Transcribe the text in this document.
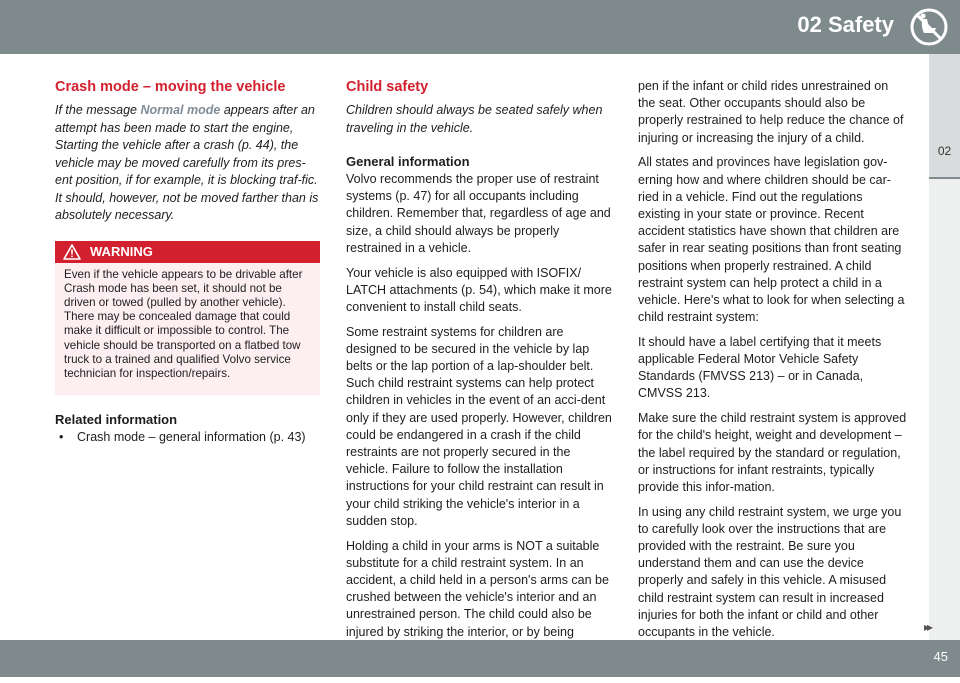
02 Safety
02
Crash mode – moving the vehicle

If the message Normal mode appears after an attempt has been made to start the engine, Starting the vehicle after a crash (p. 44), the vehicle may be moved carefully from its pres-ent position, if for example, it is blocking traf-fic. It should, however, not be moved farther than is absolutely necessary.

WARNING
Even if the vehicle appears to be drivable after Crash mode has been set, it should not be driven or towed (pulled by another vehicle). There may be concealed damage that could make it difficult or impossible to control. The vehicle should be transported on a flatbed tow truck to a trained and qualified Volvo service technician for inspection/repairs.
Related information
• Crash mode – general information (p. 43)
Child safety

Children should always be seated safely when traveling in the vehicle.

General information

Volvo recommends the proper use of restraint systems (p. 47) for all occupants including children. Remember that, regardless of age and size, a child should always be properly restrained in a vehicle.

Your vehicle is also equipped with ISOFIX/ LATCH attachments (p. 54), which make it more convenient to install child seats.

Some restraint systems for children are designed to be secured in the vehicle by lap belts or the lap portion of a lap-shoulder belt. Such child restraint systems can help protect children in vehicles in the event of an acci-dent only if they are used properly. However, children could be endangered in a crash if the child restraints are not properly secured in the vehicle. Failure to follow the installation instructions for your child restraint can result in your child striking the vehicle's interior in a sudden stop.

Holding a child in your arms is NOT a suitable substitute for a child restraint system. In an accident, a child held in a person's arms can be crushed between the vehicle's interior and an unrestrained person. The child could also be injured by striking the interior, or by being

pen if the infant or child rides unrestrained on the seat. Other occupants should also be properly restrained to help reduce the chance of injuring or increasing the injury of a child.

All states and provinces have legislation gov-erning how and where children should be car-ried in a vehicle. Find out the regulations existing in your state or province. Recent accident statistics have shown that children are safer in rear seating positions than front seating positions when properly restrained. A child restraint system can help protect a child in a vehicle. Here's what to look for when selecting a child restraint system:

It should have a label certifying that it meets applicable Federal Motor Vehicle Safety Standards (FMVSS 213) – or in Canada, CMVSS 213.

Make sure the child restraint system is approved for the child's height, weight and development – the label required by the standard or regulation, or instructions for infant restraints, typically provide this infor-mation.

In using any child restraint system, we urge you to carefully look over the instructions that are provided with the restraint. Be sure you understand them and can use the device properly and safely in this vehicle. A misused child restraint system can result in increased injuries for both the infant or child and other occupants in the vehicle.	▸▸
45
